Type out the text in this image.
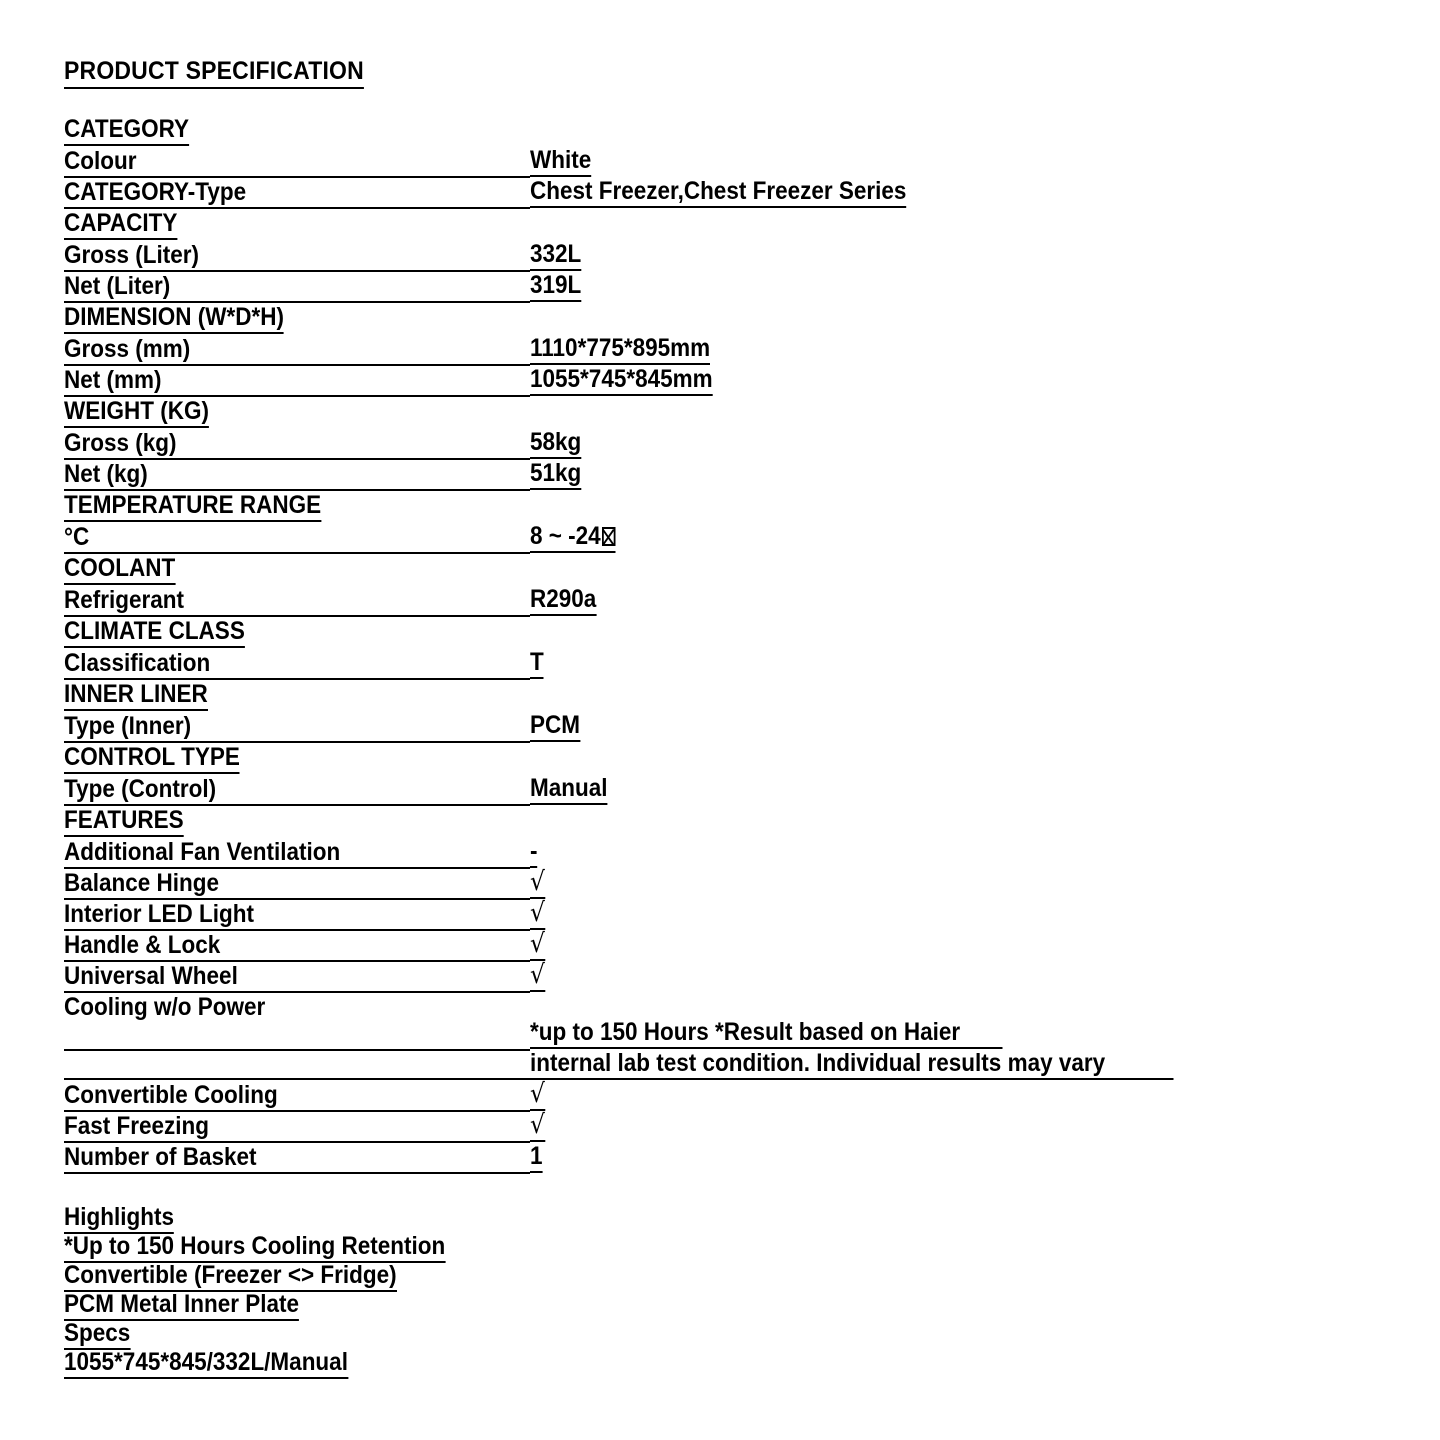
PRODUCT SPECIFICATION
CATEGORY	
Colour	White
CATEGORY-Type	Chest Freezer,Chest Freezer Series
CAPACITY	
Gross (Liter)	332L
Net (Liter)	319L
DIMENSION (W*D*H)	
Gross (mm)	1110*775*895mm
Net (mm)	1055*745*845mm
WEIGHT (KG)	
Gross (kg)	58kg
Net (kg)	51kg
TEMPERATURE RANGE	
°C	8 ~ -24
COOLANT	
Refrigerant	R290a
CLIMATE CLASS	
Classification	T
INNER LINER	
Type (Inner)	PCM
CONTROL TYPE	
Type (Control)	Manual
FEATURES	
Additional Fan Ventilation	-
Balance Hinge	√
Interior LED Light	√
Handle & Lock	√
Universal Wheel	√
Cooling w/o Power	*up to 150 Hours *Result based on Haier
internal lab test condition. Individual results may vary

Convertible Cooling	√
Fast Freezing	√
Number of Basket	1
Highlights
*Up to 150 Hours Cooling Retention
Convertible (Freezer <> Fridge)
PCM Metal Inner Plate
Specs
1055*745*845/332L/Manual
